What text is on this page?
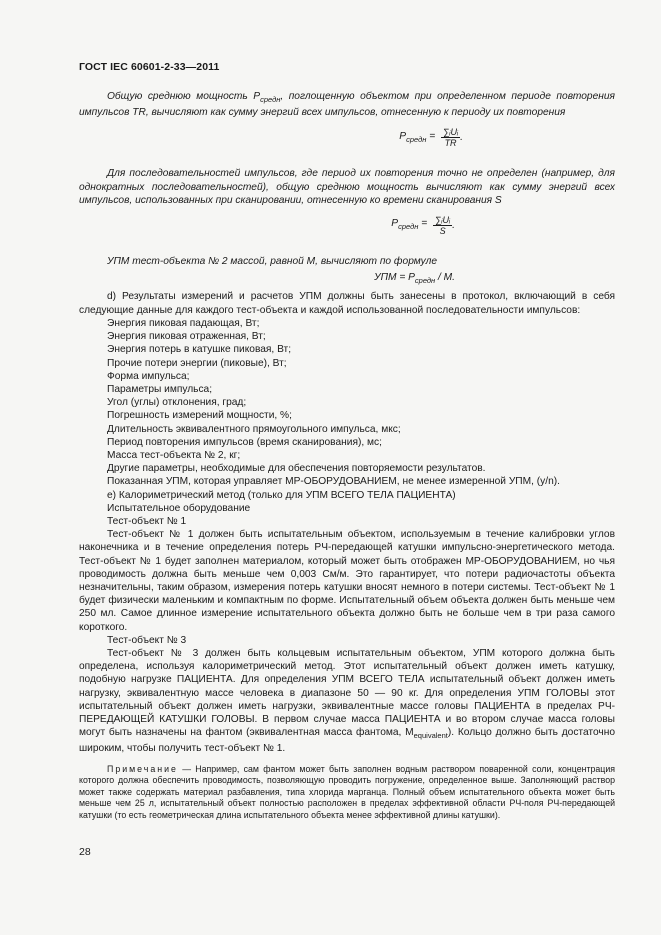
ГОСТ IEC 60601-2-33—2011

Общую среднюю мощность $P_{средн}$, поглощенную объектом при определенном периоде повторения импульсов TR, вычисляют как сумму энергий всех импульсов, отнесенную к периоду их повторения

$P_{средн} = \frac{\text{∑ᵢUᵢ}}{TR}$ .

Для последовательностей импульсов, где период их повторения точно не определен (например, для однократных последовательностей), общую среднюю мощность вычисляют как сумму энергий всех импульсов, использованных при сканировании, отнесенную ко времени сканирования S

$P_{средн} = \frac{\text{∑ᵢUᵢ}}{S}$ .

УПМ тест-объекта № 2 массой, равной M, вычисляют по формуле

УПМ = $P_{средн}$ / M.

d) Результаты измерений и расчетов УПМ должны быть занесены в протокол, включающий в себя следующие данные для каждого тест-объекта и каждой использованной последовательности импульсов:

Энергия пиковая падающая, Вт;

Энергия пиковая отраженная, Вт;

Энергия потерь в катушке пиковая, Вт;

Прочие потери энергии (пиковые), Вт;

Форма импульса;

Параметры импульса;

Угол (углы) отклонения, град;

Погрешность измерений мощности, %;

Длительность эквивалентного прямоугольного импульса, мкс;

Период повторения импульсов (время сканирования), мс;

Масса тест-объекта № 2, кг;

Другие параметры, необходимые для обеспечения повторяемости результатов.

Показанная УПМ, которая управляет МР-ОБОРУДОВАНИЕМ, не менее измеренной УПМ, (у/n).

e) Калориметрический метод (только для УПМ ВСЕГО ТЕЛА ПАЦИЕНТА)

Испытательное оборудование

Тест-объект № 1

Тест-объект № 1 должен быть испытательным объектом, используемым в течение калибровки углов наконечника и в течение определения потерь РЧ-передающей катушки импульсно-энергетического метода. Тест-объект № 1 будет заполнен материалом, который может быть отображен МР-ОБОРУДОВАНИЕМ, но чья проводимость должна быть меньше чем 0,003 См/м. Это гарантирует, что потери радиочастоты объекта незначительны, таким образом, измерения потерь катушки вносят немного в потери системы. Тест-объект № 1 будет физически маленьким и компактным по форме. Испытательный объем объекта должен быть меньше чем 250 мл. Самое длинное измерение испытательного объекта должно быть не больше чем в три раза самого короткого.

Тест-объект № 3

Тест-объект № 3 должен быть кольцевым испытательным объектом, УПМ которого должна быть определена, используя калориметрический метод. Этот испытательный объект должен иметь катушку, подобную нагрузке ПАЦИЕНТА. Для определения УПМ ВСЕГО ТЕЛА испытательный объект должен иметь нагрузку, эквивалентную массе человека в диапазоне 50 — 90 кг. Для определения УПМ ГОЛОВЫ этот испытательный объект должен иметь нагрузки, эквивалентные массе головы ПАЦИЕНТА в пределах РЧ-ПЕРЕДАЮЩЕЙ КАТУШКИ ГОЛОВЫ. В первом случае масса ПАЦИЕНТА и во втором случае масса головы могут быть назначены на фантом (эквивалентная масса фантома, $M_{equivalent}$). Кольцо должно быть достаточно широким, чтобы получить тест-объект № 1.

Примечание — Например, сам фантом может быть заполнен водным раствором поваренной соли, концентрация которого должна обеспечить проводимость, позволяющую проводить погружение, определенное выше. Заполняющий раствор может также содержать материал разбавления, типа хлорида марганца. Полный объем испытательного объекта может быть меньше чем 25 л, испытательный объект полностью расположен в пределах эффективной области РЧ-поля РЧ-передающей катушки (то есть геометрическая длина испытательного объекта менее эффективной длины катушки).

28
